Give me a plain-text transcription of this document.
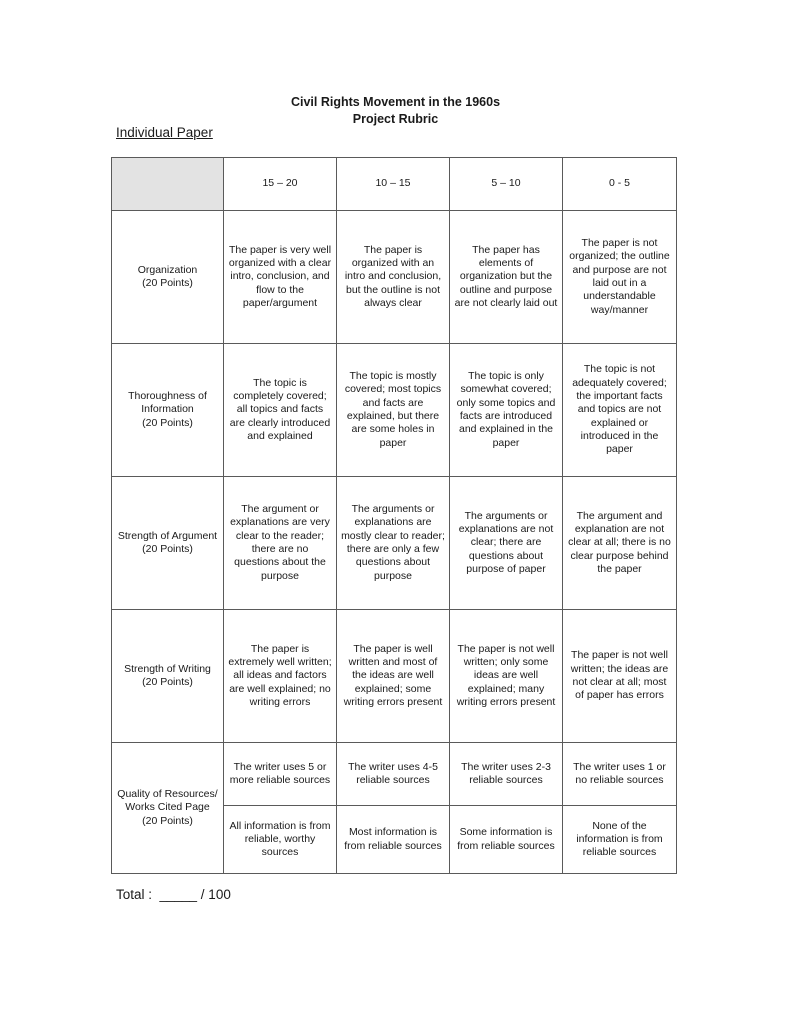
Civil Rights Movement in the 1960s
Project Rubric
Individual Paper
	15 – 20	10 – 15	5 – 10	0 - 5

Organization
(20 Points)	The paper is very well organized with a clear intro, conclusion, and flow to the paper/argument	The paper is organized with an intro and conclusion, but the outline is not always clear	The paper has elements of organization but the outline and purpose are not clearly laid out	The paper is not organized; the outline and purpose are not laid out in a understandable way/manner

Thoroughness of Information
(20 Points)	The topic is completely covered; all topics and facts are clearly introduced and explained	The topic is mostly covered; most topics and facts are explained, but there are some holes in paper	The topic is only somewhat covered; only some topics and facts are introduced and explained in the paper	The topic is not adequately covered; the important facts and topics are not explained or introduced in the paper

Strength of Argument
(20 Points)	The argument or explanations are very clear to the reader; there are no questions about the purpose	The arguments or explanations are mostly clear to reader; there are only a few questions about purpose	The arguments or explanations are not clear; there are questions about purpose of paper	The argument and explanation are not clear at all; there is no clear purpose behind the paper

Strength of Writing
(20 Points)	The paper is extremely well written; all ideas and factors are well explained; no writing errors	The paper is well written and most of the ideas are well explained; some writing errors present	The paper is not well written; only some ideas are well explained; many writing errors present	The paper is not well written; the ideas are not clear at all; most of paper has errors

Quality of Resources/ Works Cited Page
(20 Points)	The writer uses 5 or more reliable sources	The writer uses 4-5 reliable sources	The writer uses 2-3 reliable sources	The writer uses 1 or no reliable sources
	All information is from reliable, worthy sources	Most information is from reliable sources	Some information is from reliable sources	None of the information is from reliable sources
Total :  _____ / 100
